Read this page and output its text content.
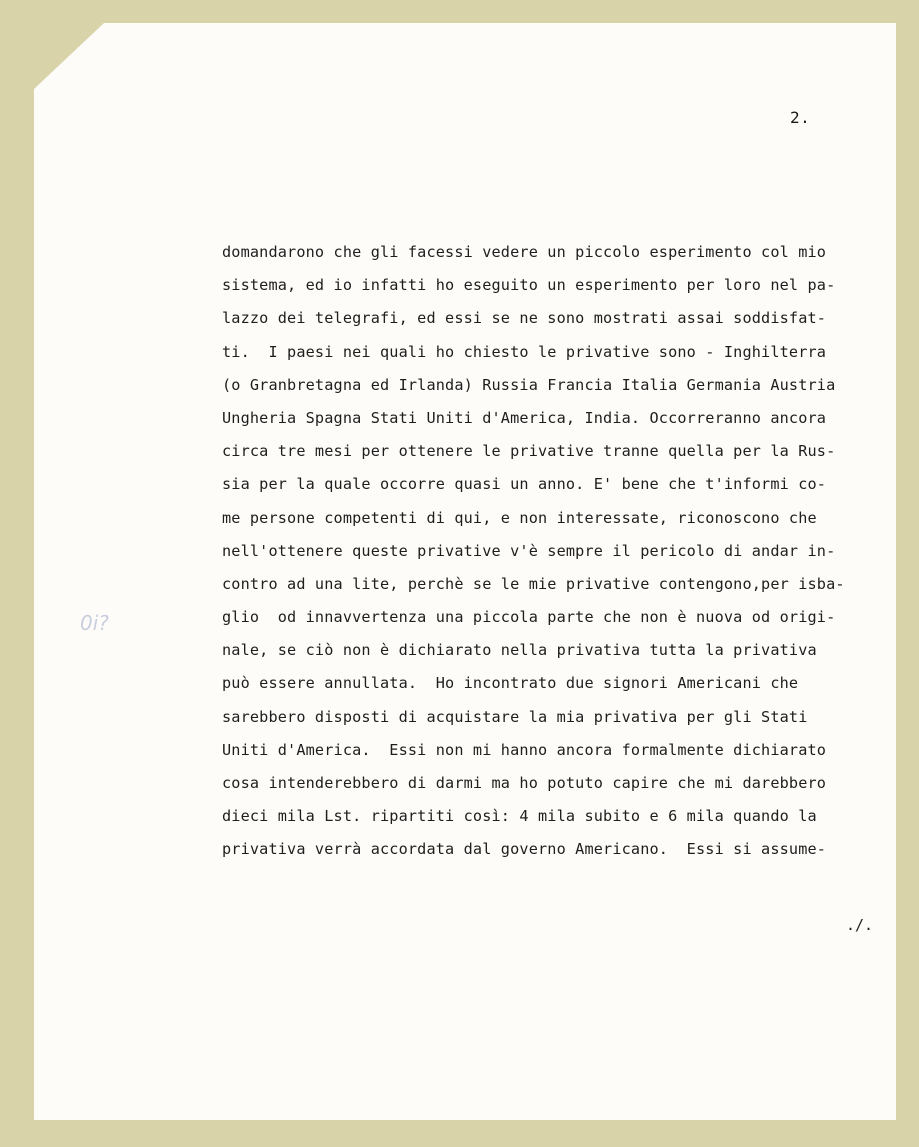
2.
0i?
domandarono che gli facessi vedere un piccolo esperimento col mio
sistema, ed io infatti ho eseguito un esperimento per loro nel pa-
lazzo dei telegrafi, ed essi se ne sono mostrati assai soddisfat-
ti.  I paesi nei quali ho chiesto le privative sono - Inghilterra
(o Granbretagna ed Irlanda) Russia Francia Italia Germania Austria
Ungheria Spagna Stati Uniti d'America, India. Occorreranno ancora
circa tre mesi per ottenere le privative tranne quella per la Rus-
sia per la quale occorre quasi un anno. E' bene che t'informi co-
me persone competenti di qui, e non interessate, riconoscono che
nell'ottenere queste privative v'è sempre il pericolo di andar in-
contro ad una lite, perchè se le mie privative contengono,per isba-
glio  od innavvertenza una piccola parte che non è nuova od origi-
nale, se ciò non è dichiarato nella privativa tutta la privativa
può essere annullata.  Ho incontrato due signori Americani che
sarebbero disposti di acquistare la mia privativa per gli Stati
Uniti d'America.  Essi non mi hanno ancora formalmente dichiarato
cosa intenderebbero di darmi ma ho potuto capire che mi darebbero
dieci mila Lst. ripartiti così: 4 mila subito e 6 mila quando la
privativa verrà accordata dal governo Americano.  Essi si assume-
./.
